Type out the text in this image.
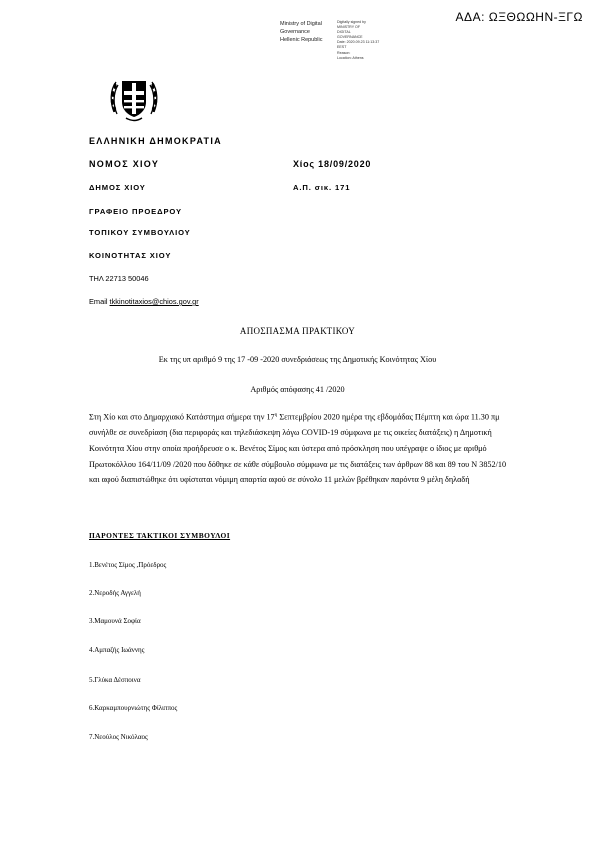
ΑΔΑ: ΩΞΘΩΩΗΝ-ΞΓΩ
Ministry of Digital
Governance
Hellenic Republic
Digitally signed by
MINISTRY OF
DIGITAL
GOVERNANCE
Date: 2020.09.23 11:13:37
EEST
Reason:
Location: Athens
ΕΛΛΗΝΙΚΗ ΔΗΜΟΚΡΑΤΙΑ
ΝΟΜΟΣ ΧΙΟΥ	Χίος 18/09/2020
ΔΗΜΟΣ ΧΙΟΥ	Α.Π. σικ. 171
ΓΡΑΦΕΙΟ ΠΡΟΕΔΡΟΥ
ΤΟΠΙΚΟΥ ΣΥΜΒΟΥΛΙΟΥ
ΚΟΙΝΟΤΗΤΑΣ ΧΙΟΥ
ΤΗΛ 22713 50046
Email tkkinotitaxios@chios.gov.gr
ΑΠΟΣΠΑΣΜΑ ΠΡΑΚΤΙΚΟΥ
Εκ της υπ αριθμό 9 της 17 -09 -2020 συνεδριάσεως της Δημοτικής Κοινότητας Χίου
Αριθμός απόφασης 41 /2020

Στη Χίο και στο Δημαρχιακό Κατάστημα σήμερα την $17^\eta$ Σεπτεμβρίου 2020 ημέρα της εβδομάδας Πέμπτη και ώρα 11.30 πμ συνήλθε σε συνεδρίαση (δια περιφοράς και τηλεδιάσκεψη λόγω COVID-19 σύμφωνα με τις οικείες διατάξεις) η Δημοτική Κοινότητα Χίου στην οποία προήδρευσε ο κ. Βενέτος Σίμος και ύστερα από πρόσκληση που υπέγραψε ο ίδιος με αριθμό Πρωτοκόλλου 164/11/09 /2020 που δόθηκε σε κάθε σύμβουλο σύμφωνα με τις διατάξεις των άρθρων 88 και 89 του Ν 3852/10 και αφού διαπιστώθηκε ότι υφίσταται νόμιμη απαρτία αφού σε σύνολο 11 μελών βρέθηκαν παρόντα 9 μέλη δηλαδή

ΠΑΡΟΝΤΕΣ ΤΑΚΤΙΚΟΙ ΣΥΜΒΟΥΛΟΙ
1.Βενέτος Σίμος ,Πρόεδρος
2.Νεροδής Αγγελή
3.Μαμουνά Σοφία
4.Αμπαζής Ιωάννης
5.Γλύκα Δέσποινα
6.Καρκαμπουρνιώτης Φίλιππος
7.Νεούλος Νικόλαος
